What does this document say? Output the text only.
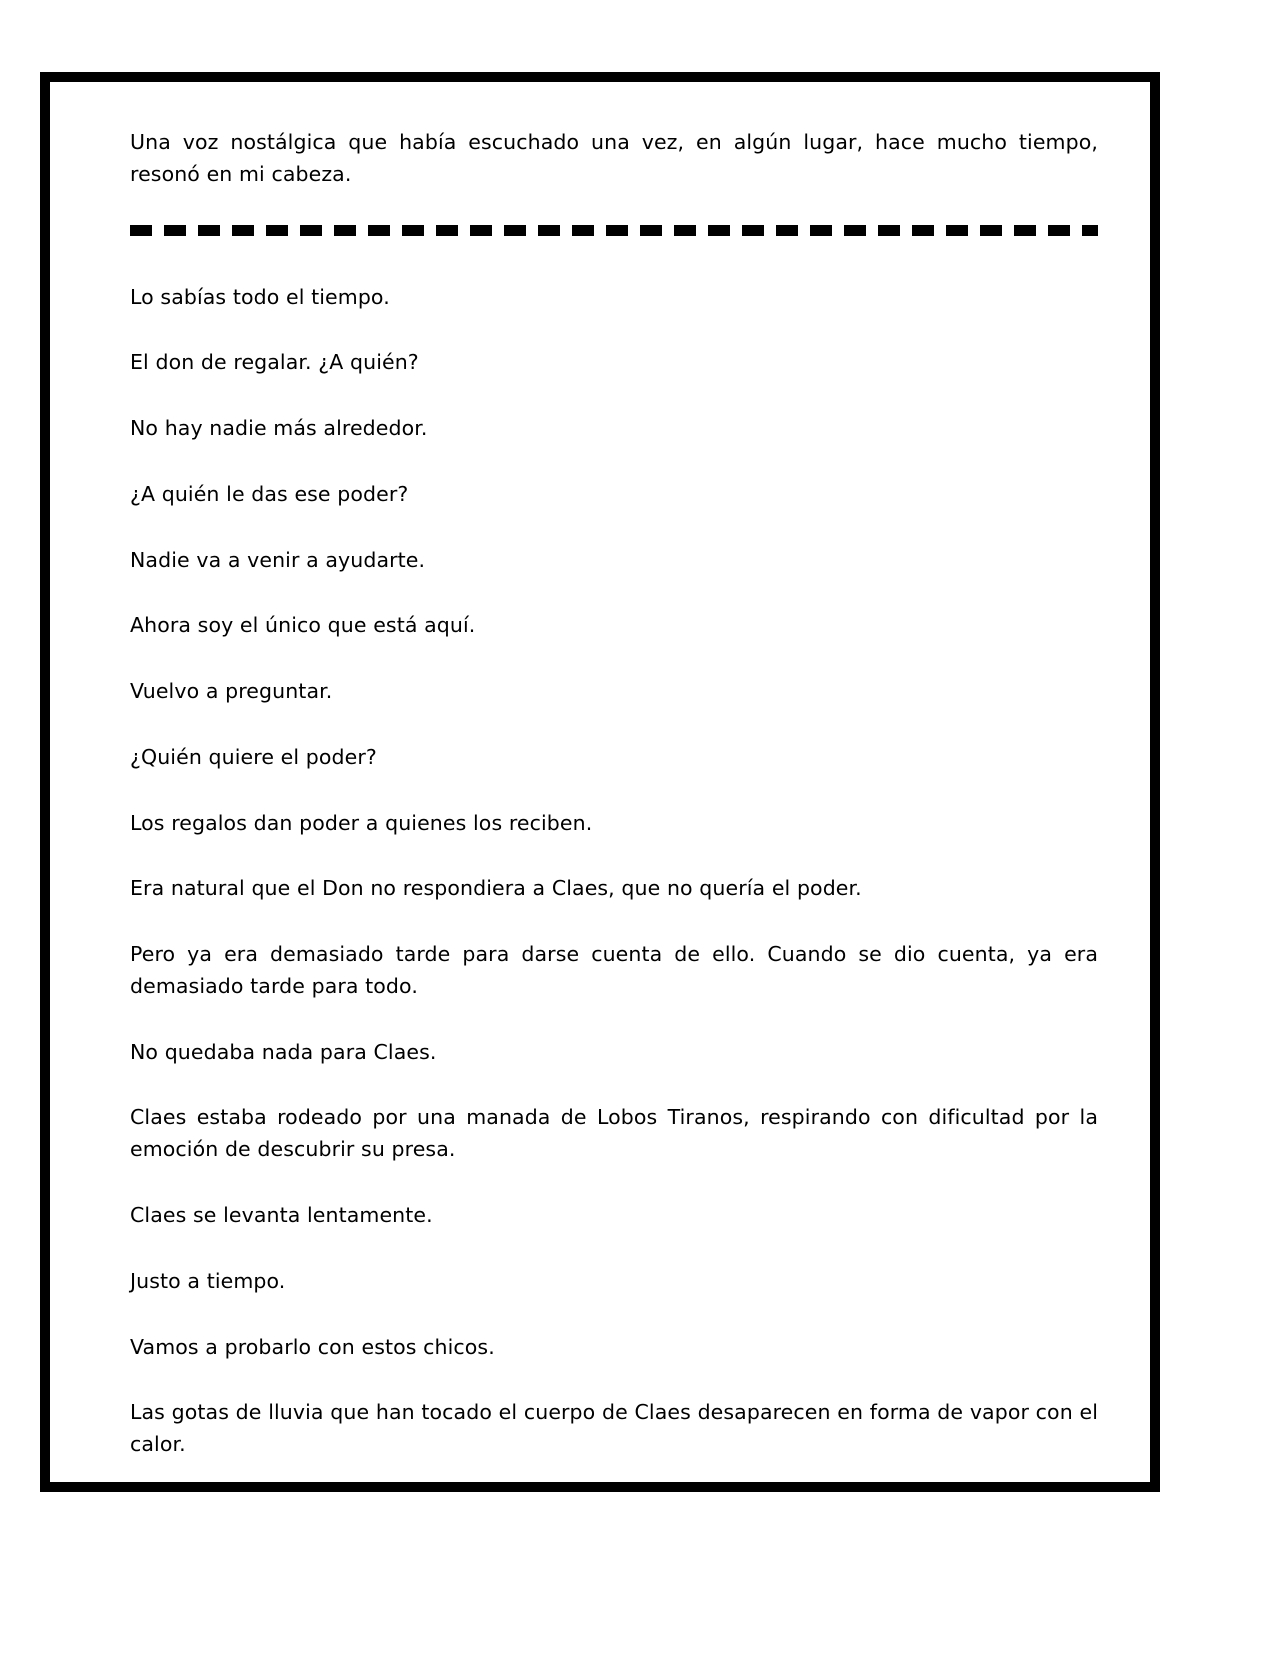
Una voz nostálgica que había escuchado una vez, en algún lugar, hace mucho tiempo, resonó en mi cabeza.

Lo sabías todo el tiempo.

El don de regalar. ¿A quién?

No hay nadie más alrededor.

¿A quién le das ese poder?

Nadie va a venir a ayudarte.

Ahora soy el único que está aquí.

Vuelvo a preguntar.

¿Quién quiere el poder?

Los regalos dan poder a quienes los reciben.

Era natural que el Don no respondiera a Claes, que no quería el poder.

Pero ya era demasiado tarde para darse cuenta de ello. Cuando se dio cuenta, ya era demasiado tarde para todo.

No quedaba nada para Claes.

Claes estaba rodeado por una manada de Lobos Tiranos, respirando con dificultad por la emoción de descubrir su presa.

Claes se levanta lentamente.

Justo a tiempo.

Vamos a probarlo con estos chicos.

Las gotas de lluvia que han tocado el cuerpo de Claes desaparecen en forma de vapor con el calor.
